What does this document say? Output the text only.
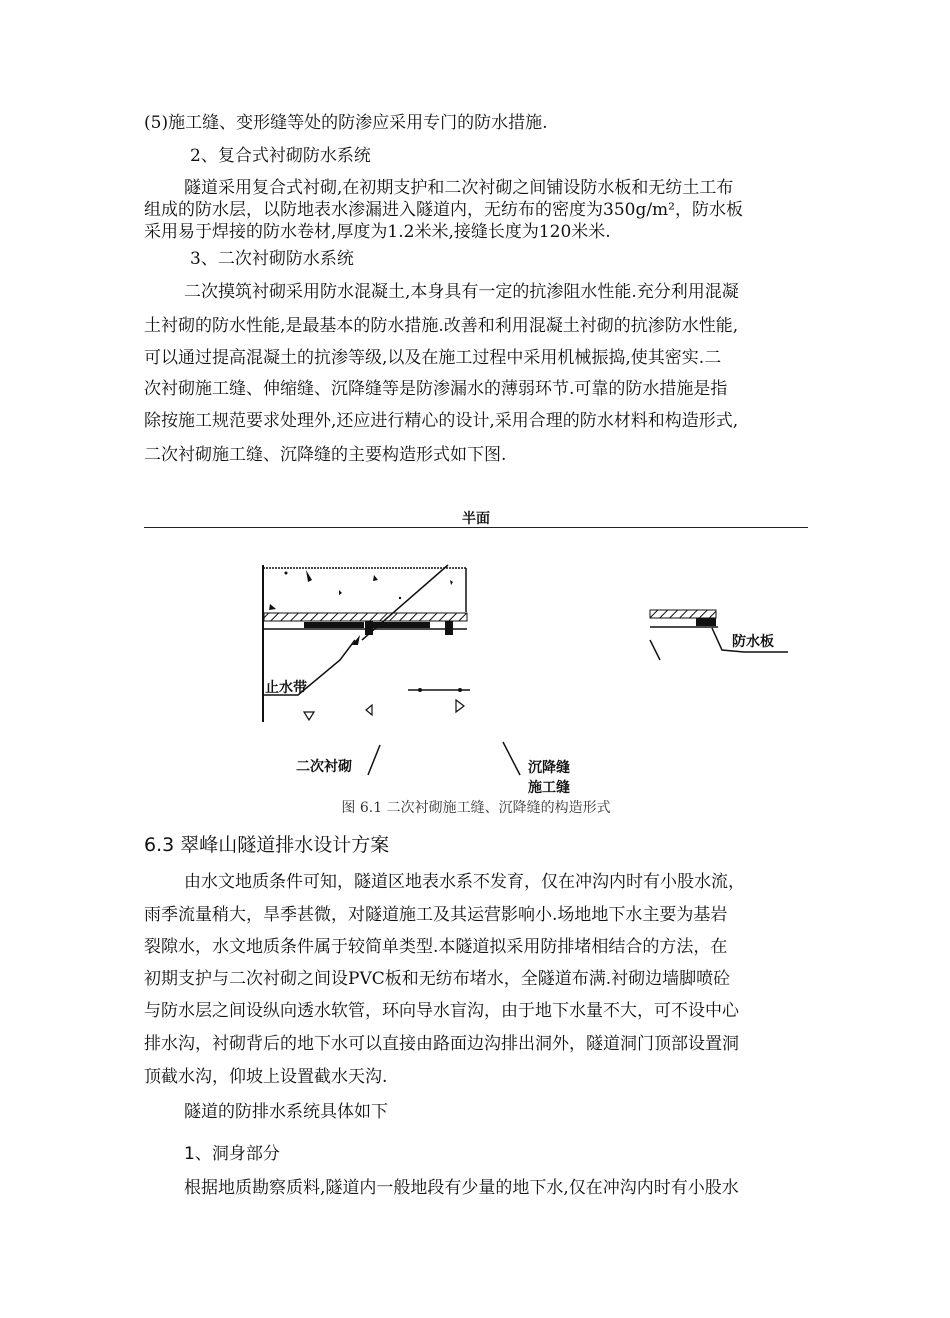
(5)施工缝、变形缝等处的防渗应采用专门的防水措施.
2、复合式衬砌防水系统
隧道采用复合式衬砌,在初期支护和二次衬砌之间铺设防水板和无纺土工布
组成的防水层，以防地表水渗漏进入隧道内，无纺布的密度为350g/m²，防水板
采用易于焊接的防水卷材,厚度为1.2米米,接缝长度为120米米.
3、二次衬砌防水系统
二次摸筑衬砌采用防水混凝土,本身具有一定的抗渗阻水性能.充分利用混凝
土衬砌的防水性能,是最基本的防水措施.改善和利用混凝土衬砌的抗渗防水性能,
可以通过提高混凝土的抗渗等级,以及在施工过程中采用机械振捣,使其密实.二
次衬砌施工缝、伸缩缝、沉降缝等是防渗漏水的薄弱环节.可靠的防水措施是指
除按施工规范要求处理外,还应进行精心的设计,采用合理的防水材料和构造形式,
二次衬砌施工缝、沉降缝的主要构造形式如下图.
半面
止水带
二次衬砌	沉降缝
施工缝
防水板
图 6.1 二次衬砌施工缝、沉降缝的构造形式
6.3 翠峰山隧道排水设计方案
由水文地质条件可知，隧道区地表水系不发育，仅在冲沟内时有小股水流，
雨季流量稍大，旱季甚微，对隧道施工及其运营影响小.场地地下水主要为基岩
裂隙水，水文地质条件属于较简单类型.本隧道拟采用防排堵相结合的方法，在
初期支护与二次衬砌之间设PVC板和无纺布堵水，全隧道布满.衬砌边墙脚喷砼
与防水层之间设纵向透水软管，环向导水盲沟，由于地下水量不大，可不设中心
排水沟，衬砌背后的地下水可以直接由路面边沟排出洞外，隧道洞门顶部设置洞
顶截水沟，仰坡上设置截水天沟.
隧道的防排水系统具体如下
1、洞身部分
根据地质勘察质料,隧道内一般地段有少量的地下水,仅在冲沟内时有小股水
